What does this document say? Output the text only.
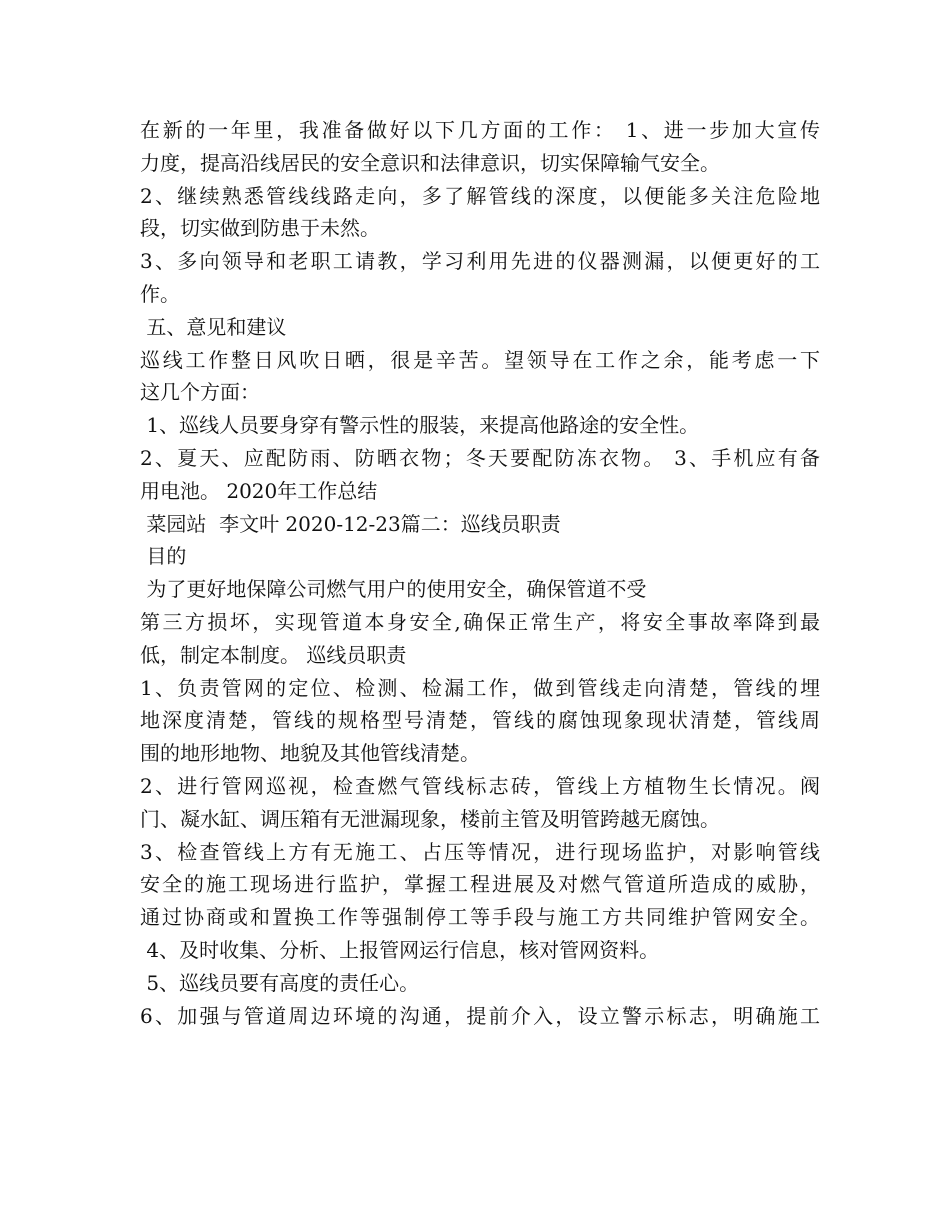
在新的一年里，我准备做好以下几方面的工作： 1、进一步加大宣传
力度，提高沿线居民的安全意识和法律意识，切实保障输气安全。
2、继续熟悉管线线路走向，多了解管线的深度，以便能多关注危险地
段，切实做到防患于未然。
3、多向领导和老职工请教，学习利用先进的仪器测漏，以便更好的工
作。
五、意见和建议
巡线工作整日风吹日晒，很是辛苦。望领导在工作之余，能考虑一下
这几个方面：
1、巡线人员要身穿有警示性的服装，来提高他路途的安全性。
2、夏天、应配防雨、防晒衣物；冬天要配防冻衣物。 3、手机应有备
用电池。 2020年工作总结
菜园站  李文叶 2020-12-23篇二：巡线员职责
目的
为了更好地保障公司燃气用户的使用安全，确保管道不受
第三方损坏，实现管道本身安全,确保正常生产，将安全事故率降到最
低，制定本制度。 巡线员职责
1、负责管网的定位、检测、检漏工作，做到管线走向清楚，管线的埋
地深度清楚，管线的规格型号清楚，管线的腐蚀现象现状清楚，管线周
围的地形地物、地貌及其他管线清楚。
2、进行管网巡视，检查燃气管线标志砖，管线上方植物生长情况。阀
门、凝水缸、调压箱有无泄漏现象，楼前主管及明管跨越无腐蚀。
3、检查管线上方有无施工、占压等情况，进行现场监护，对影响管线
安全的施工现场进行监护，掌握工程进展及对燃气管道所造成的威胁，
通过协商或和置换工作等强制停工等手段与施工方共同维护管网安全。
4、及时收集、分析、上报管网运行信息，核对管网资料。
5、巡线员要有高度的责任心。
6、加强与管道周边环境的沟通，提前介入，设立警示标志，明确施工
